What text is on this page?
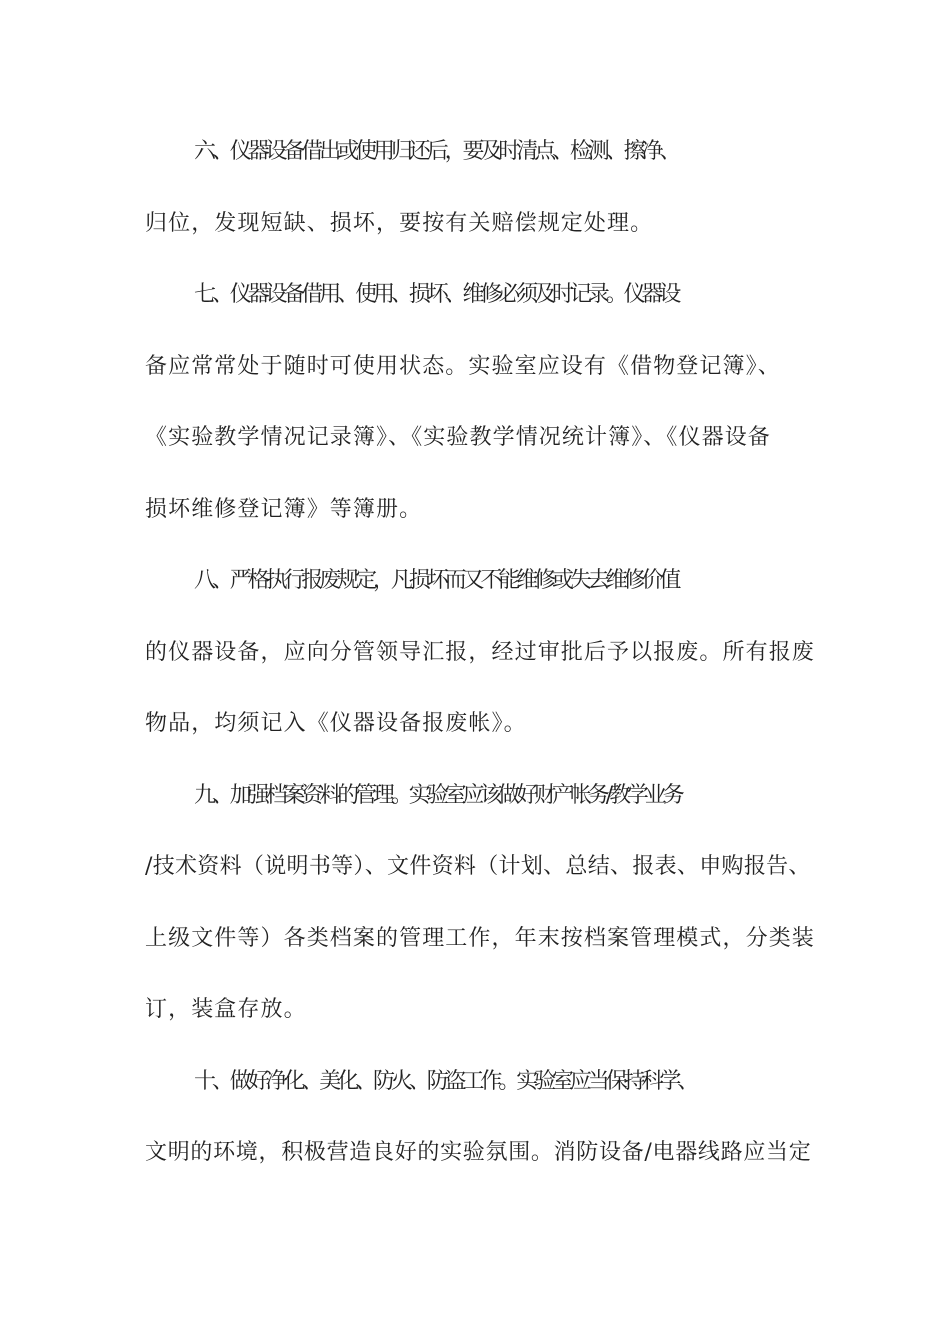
六、仪器设备借出或使用归还后，要及时清点、检测、擦净、
归位，发现短缺、损坏，要按有关赔偿规定处理。
七、仪器设备借用、使用、损坏、维修必须及时记录。仪器设
备应常常处于随时可使用状态。实验室应设有《借物登记簿》、
《实验教学情况记录簿》、《实验教学情况统计簿》、《仪器设备
损坏维修登记簿》等簿册。
八、严格执行报废规定，凡损坏而又不能维修或失去维修价值
的仪器设备，应向分管领导汇报，经过审批后予以报废。所有报废
物品，均须记入《仪器设备报废帐》。
九、加强档案资料的管理。实验室应该做好财产帐务/教学业务
/技术资料（说明书等）、文件资料（计划、总结、报表、申购报告、
上级文件等）各类档案的管理工作，年末按档案管理模式，分类装
订，装盒存放。
十、做好净化、美化、防火、防盗工作。实验室应当保持科学、
文明的环境，积极营造良好的实验氛围。消防设备/电器线路应当定
